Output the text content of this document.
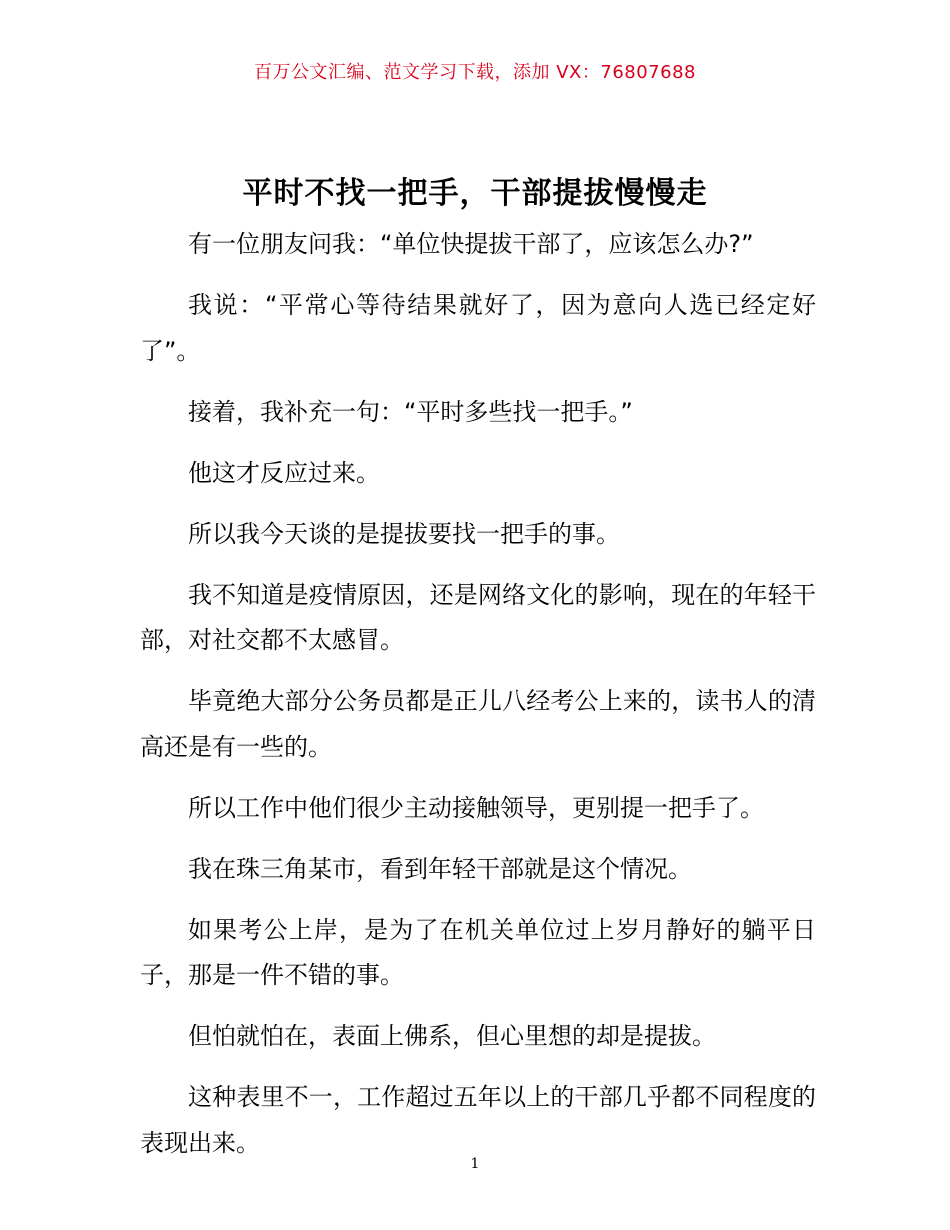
百万公文汇编、范文学习下载，添加 VX：76807688
平时不找一把手，干部提拔慢慢走

有一位朋友问我：“单位快提拔干部了，应该怎么办?”

我说：“平常心等待结果就好了，因为意向人选已经定好了”。

接着，我补充一句：“平时多些找一把手。”

他这才反应过来。

所以我今天谈的是提拔要找一把手的事。

我不知道是疫情原因，还是网络文化的影响，现在的年轻干部，对社交都不太感冒。

毕竟绝大部分公务员都是正儿八经考公上来的，读书人的清高还是有一些的。

所以工作中他们很少主动接触领导，更别提一把手了。

我在珠三角某市，看到年轻干部就是这个情况。

如果考公上岸，是为了在机关单位过上岁月静好的躺平日子，那是一件不错的事。

但怕就怕在，表面上佛系，但心里想的却是提拔。

这种表里不一，工作超过五年以上的干部几乎都不同程度的表现出来。

1
